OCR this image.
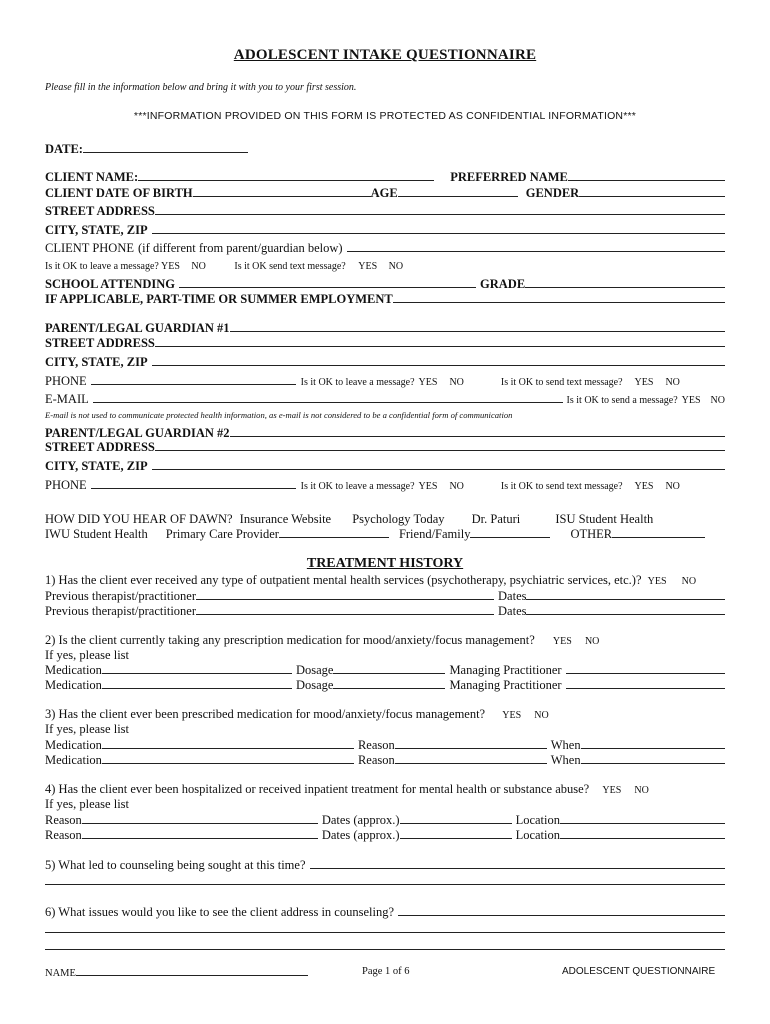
ADOLESCENT INTAKE QUESTIONNAIRE
Please fill in the information below and bring it with you to your first session.
***INFORMATION PROVIDED ON THIS FORM IS PROTECTED AS CONFIDENTIAL INFORMATION***
DATE:
CLIENT NAME:	PREFERRED NAME
CLIENT DATE OF BIRTH	AGE	GENDER
STREET ADDRESS
CITY, STATE, ZIP
CLIENT PHONE (if different from parent/guardian below)
Is it OK to leave a message? YES NO	Is it OK send text message? YES NO
SCHOOL ATTENDING	GRADE
IF APPLICABLE, PART-TIME OR SUMMER EMPLOYMENT
PARENT/LEGAL GUARDIAN #1
STREET ADDRESS
CITY, STATE, ZIP
PHONE	Is it OK to leave a message? YES NO	Is it OK to send text message? YES NO
E-MAIL	Is it OK to send a message? YES NO
E-mail is not used to communicate protected health information, as e-mail is not considered to be a confidential form of communication
PARENT/LEGAL GUARDIAN #2
STREET ADDRESS
CITY, STATE, ZIP
PHONE	Is it OK to leave a message? YES NO	Is it OK to send text message? YES NO
HOW DID YOU HEAR OF DAWN? Insurance Website Psychology Today Dr. Paturi	ISU Student Health
IWU Student Health Primary Care Provider	Friend/Family	OTHER
TREATMENT HISTORY
1) Has the client ever received any type of outpatient mental health services (psychotherapy, psychiatric services, etc.)? YES NO
Previous therapist/practitioner	Dates
Previous therapist/practitioner	Dates
2) Is the client currently taking any prescription medication for mood/anxiety/focus management? YES NO
If yes, please list
Medication	Dosage	Managing Practitioner
Medication	Dosage	Managing Practitioner
3) Has the client ever been prescribed medication for mood/anxiety/focus management? YES NO
If yes, please list
Medication	Reason	When
Medication	Reason	When
4) Has the client ever been hospitalized or received inpatient treatment for mental health or substance abuse? YES NO
If yes, please list
Reason	Dates (approx.)	Location
Reason	Dates (approx.)	Location
5) What led to counseling being sought at this time?
6) What issues would you like to see the client address in counseling?
NAME	Page 1 of 6	ADOLESCENT QUESTIONNAIRE
